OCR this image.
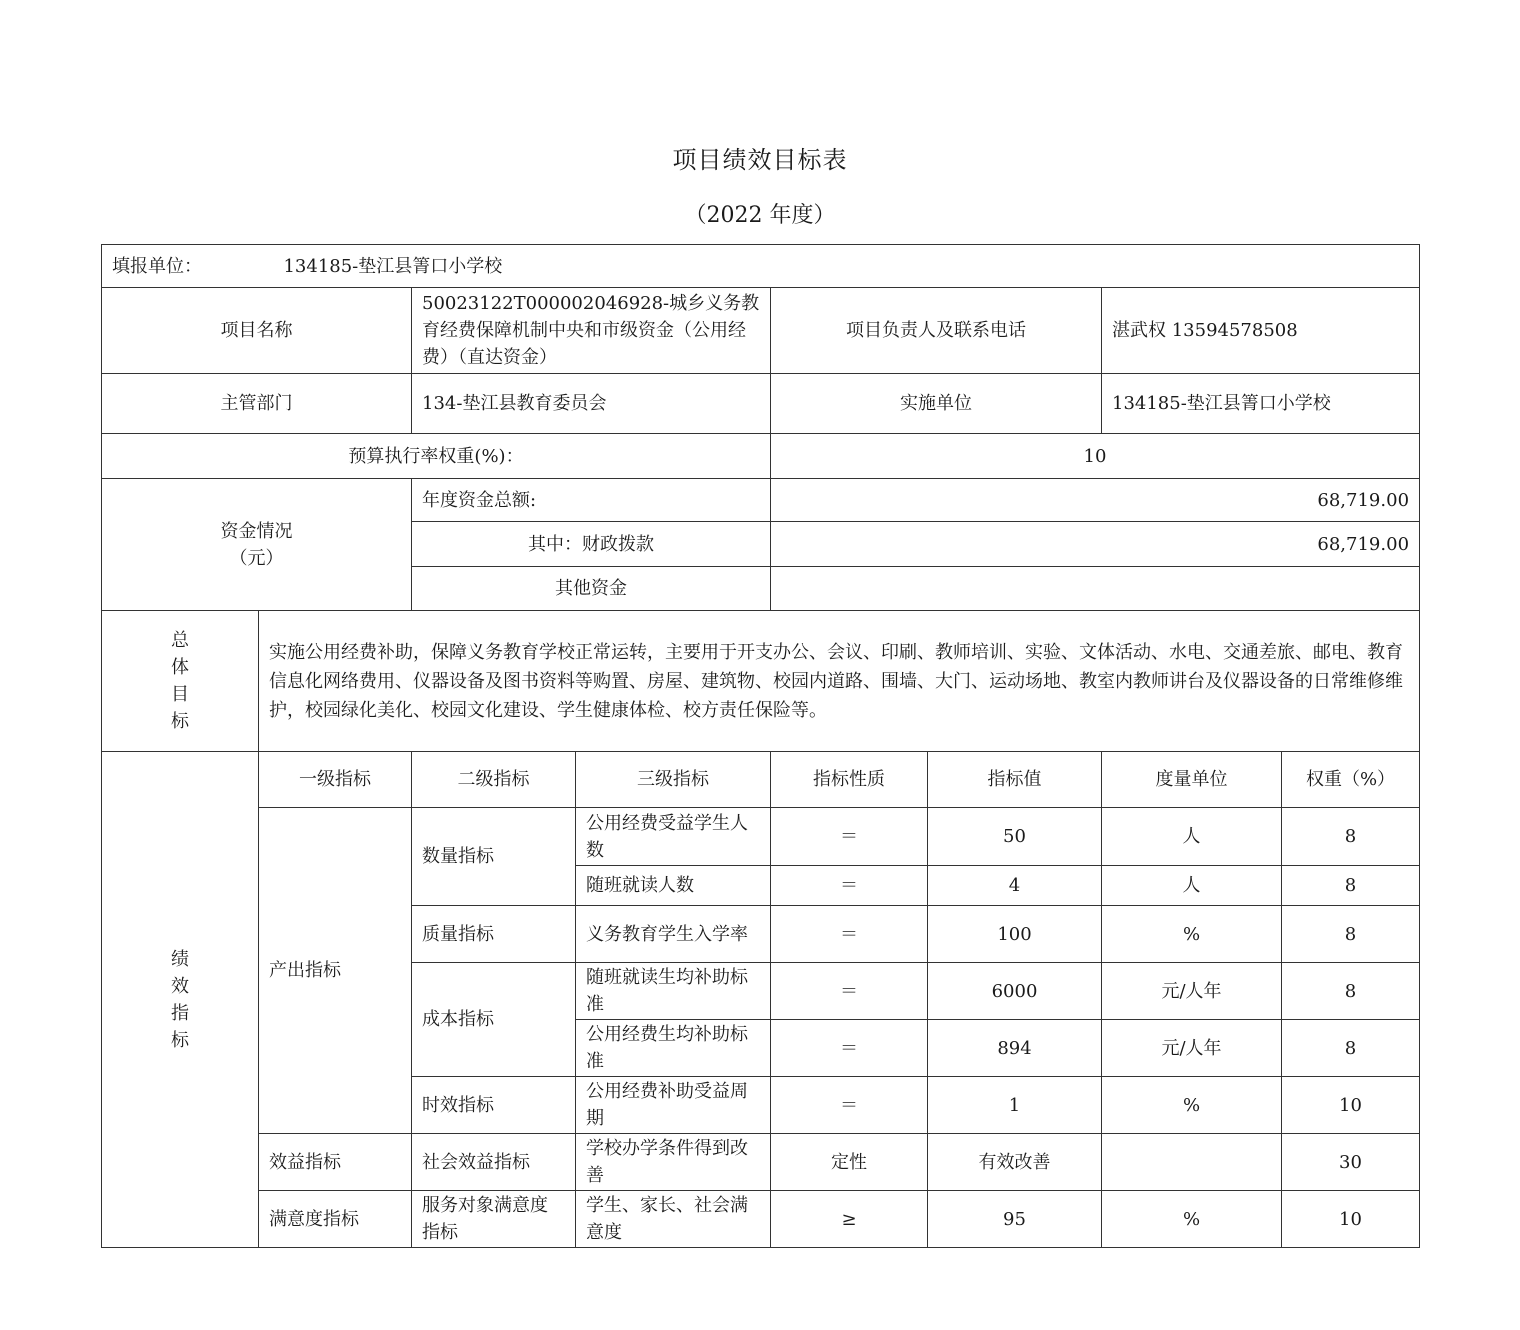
项目绩效目标表
（2022 年度）
填报单位： 134185-垫江县箐口小学校							
项目名称		50023122T000002046928-城乡义务教育经费保障机制中央和市级资金（公用经费）（直达资金）		项目负责人及联系电话		湛武权 13594578508	
主管部门		134-垫江县教育委员会		实施单位		134185-垫江县箐口小学校	
预算执行率权重(%)：				10			

资金情况
（元）		年度资金总额:		68,719.00			
		其中：财政拨款		68,719.00			
		其他资金					

总
体
目
标	实施公用经费补助，保障义务教育学校正常运转，主要用于开支办公、会议、印刷、教师培训、实验、文体活动、水电、交通差旅、邮电、教育信息化网络费用、仪器设备及图书资料等购置、房屋、建筑物、校园内道路、围墙、大门、运动场地、教室内教师讲台及仪器设备的日常维修维护，校园绿化美化、校园文化建设、学生健康体检、校方责任保险等。						

绩
效
指
标	一级指标	二级指标	三级指标	指标性质	指标值	度量单位	权重（%）
	产出指标	数量指标	公用经费受益学生人数	＝	50	人	8
			随班就读人数	＝	4	人	8
		质量指标	义务教育学生入学率	＝	100	%	8
		成本指标	随班就读生均补助标准	＝	6000	元/人年	8
			公用经费生均补助标准	＝	894	元/人年	8
		时效指标	公用经费补助受益周期	＝	1	%	10
	效益指标	社会效益指标	学校办学条件得到改善	定性	有效改善		30
	满意度指标	服务对象满意度指标	学生、家长、社会满意度	≥	95	%	10
